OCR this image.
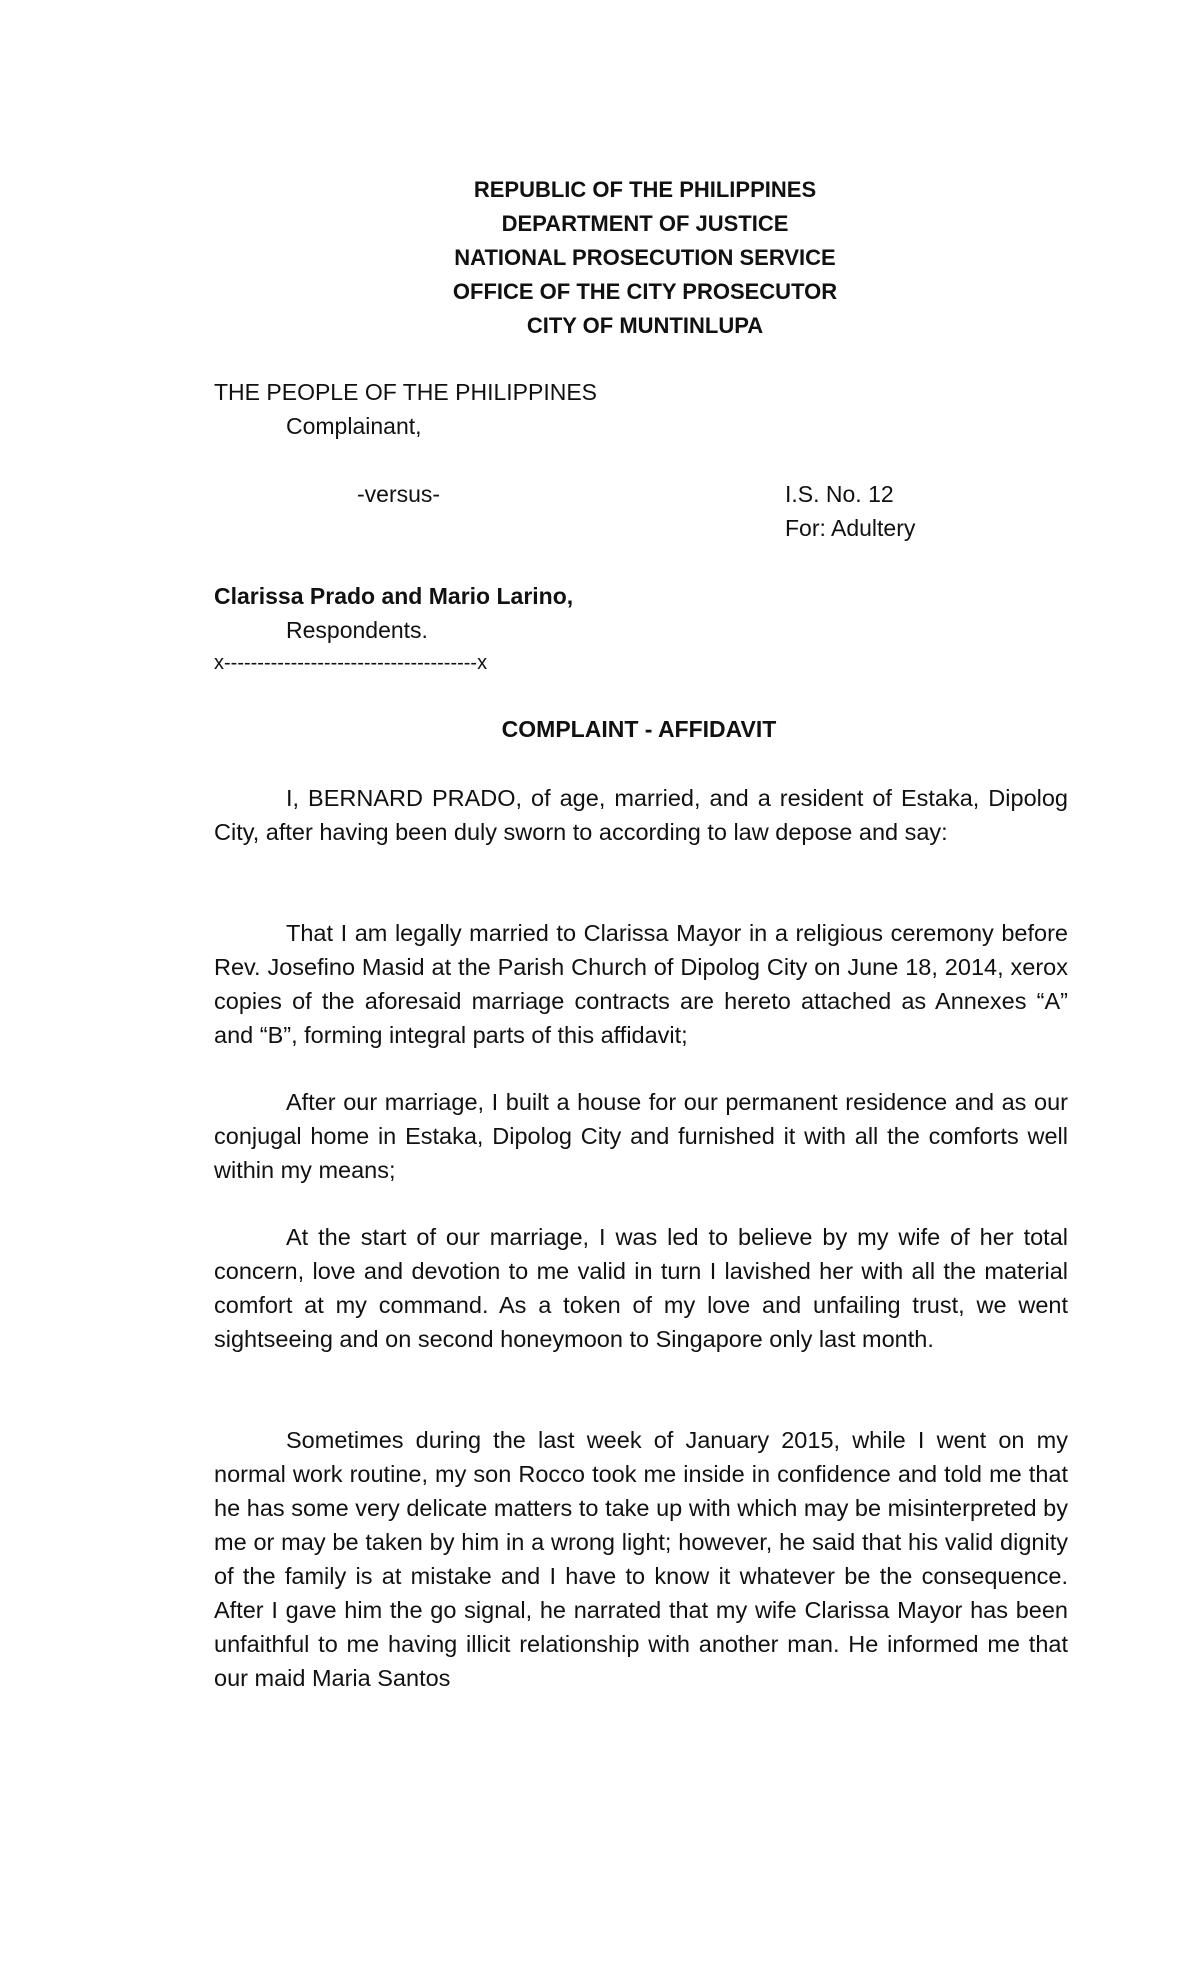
REPUBLIC OF THE PHILIPPINES
DEPARTMENT OF JUSTICE
NATIONAL PROSECUTION SERVICE
OFFICE OF THE CITY PROSECUTOR
CITY OF MUNTINLUPA
THE PEOPLE OF THE PHILIPPINES
Complainant,
-versus-	I.S. No. 12
For: Adultery
Clarissa Prado and Mario Larino,
Respondents.
x--------------------------------------x
COMPLAINT - AFFIDAVIT

I, BERNARD PRADO, of age, married, and a resident of Estaka, Dipolog City, after having been duly sworn to according to law depose and say:

That I am legally married to Clarissa Mayor in a religious ceremony before Rev. Josefino Masid at the Parish Church of Dipolog City on June 18, 2014, xerox copies of the aforesaid marriage contracts are hereto attached as Annexes “A” and “B”, forming integral parts of this affidavit;

After our marriage, I built a house for our permanent residence and as our conjugal home in Estaka, Dipolog City and furnished it with all the comforts well within my means;

At the start of our marriage, I was led to believe by my wife of her total concern, love and devotion to me valid in turn I lavished her with all the material comfort at my command. As a token of my love and unfailing trust, we went sightseeing and on second honeymoon to Singapore only last month.

Sometimes during the last week of January 2015, while I went on my normal work routine, my son Rocco took me inside in confidence and told me that he has some very delicate matters to take up with which may be misinterpreted by me or may be taken by him in a wrong light; however, he said that his valid dignity of the family is at mistake and I have to know it whatever be the consequence. After I gave him the go signal, he narrated that my wife Clarissa Mayor has been unfaithful to me having illicit relationship with another man. He informed me that our maid Maria Santos
